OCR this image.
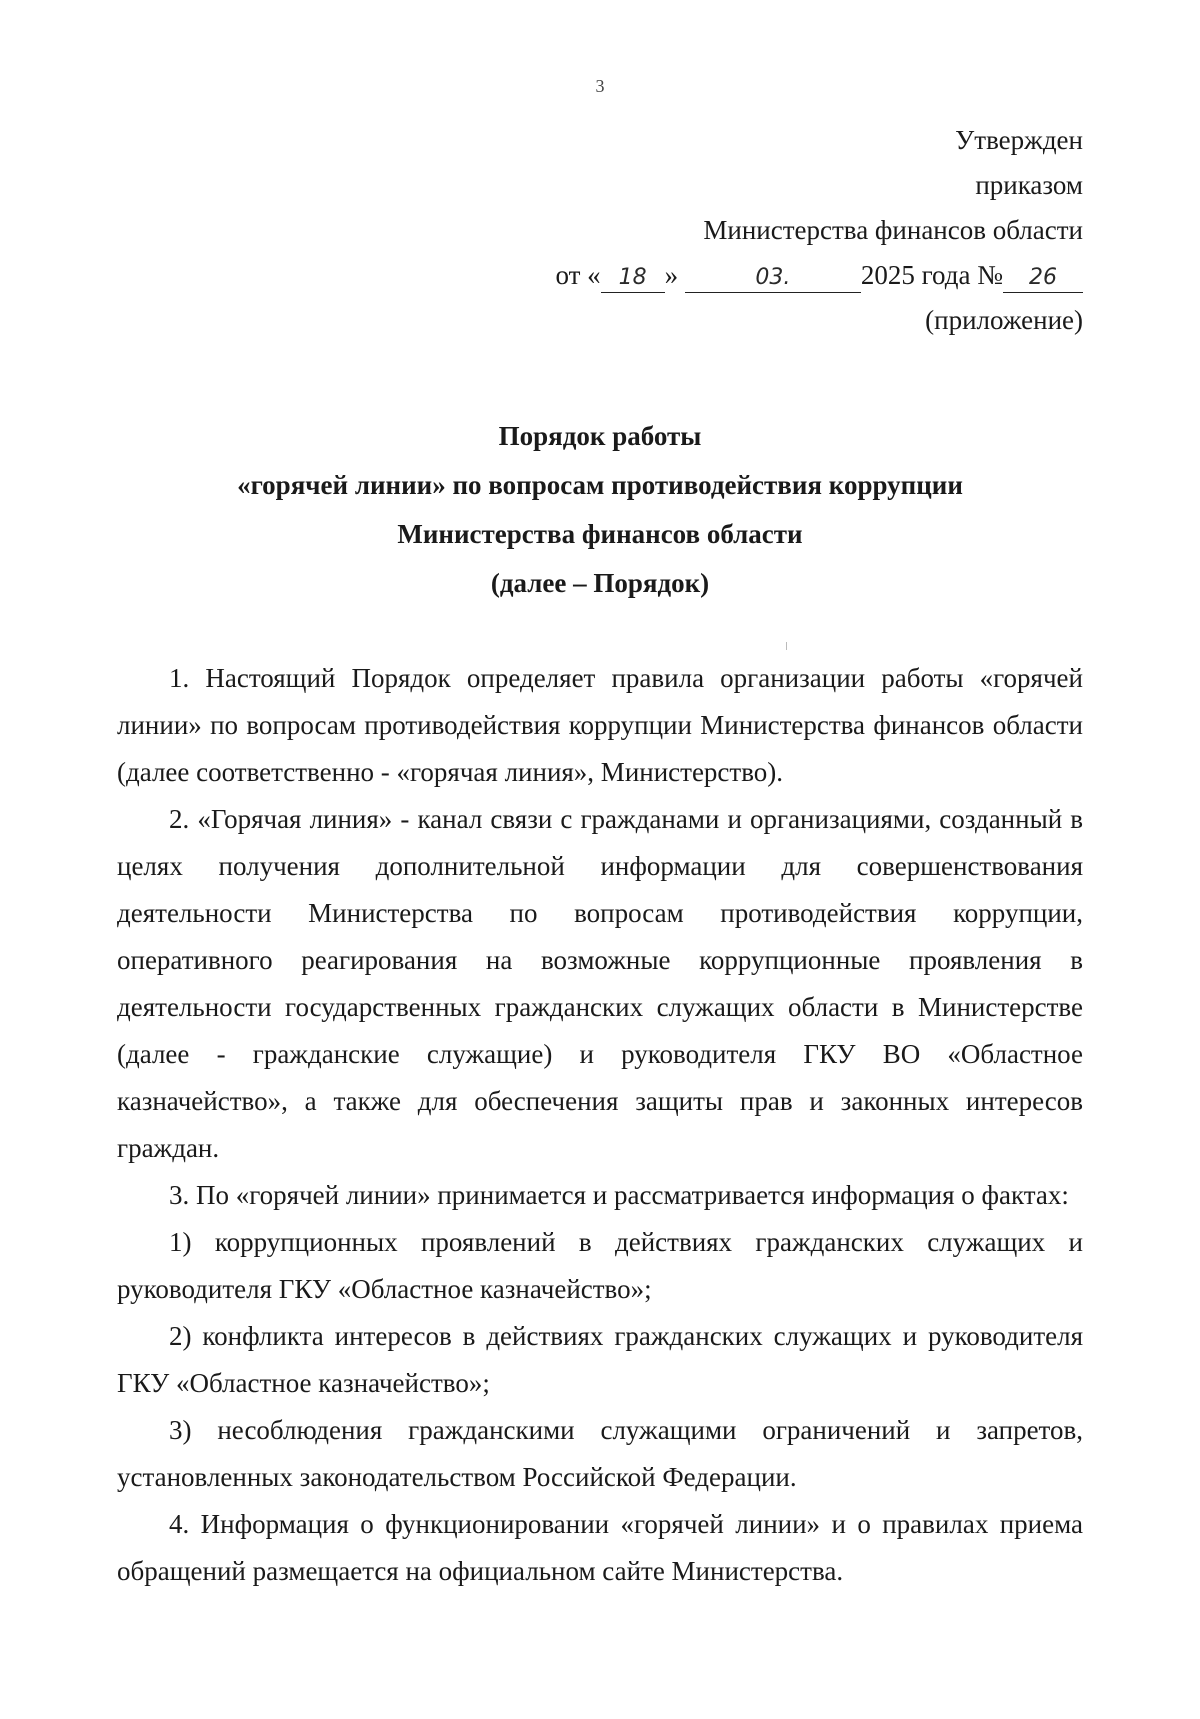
3
Утвержден
приказом
Министерства финансов области
от « 18 »	03.	2025 года № 26
(приложение)
Порядок работы
«горячей линии» по вопросам противодействия коррупции
Министерства финансов области
(далее – Порядок)

1. Настоящий Порядок определяет правила организации работы «горячей линии» по вопросам противодействия коррупции Министерства финансов области (далее соответственно - «горячая линия», Министерство).

2. «Горячая линия» - канал связи с гражданами и организациями, созданный в целях получения дополнительной информации для совершенствования деятельности Министерства по вопросам противодействия коррупции, оперативного реагирования на возможные коррупционные проявления в деятельности государственных гражданских служащих области в Министерстве (далее - гражданские служащие) и руководителя ГКУ ВО «Областное казначейство», а также для обеспечения защиты прав и законных интересов граждан.

3. По «горячей линии» принимается и рассматривается информация о фактах:

1) коррупционных проявлений в действиях гражданских служащих и руководителя ГКУ «Областное казначейство»;

2) конфликта интересов в действиях гражданских служащих и руководителя ГКУ «Областное казначейство»;

3) несоблюдения гражданскими служащими ограничений и запретов, установленных законодательством Российской Федерации.

4. Информация о функционировании «горячей линии» и о правилах приема обращений размещается на официальном сайте Министерства.
